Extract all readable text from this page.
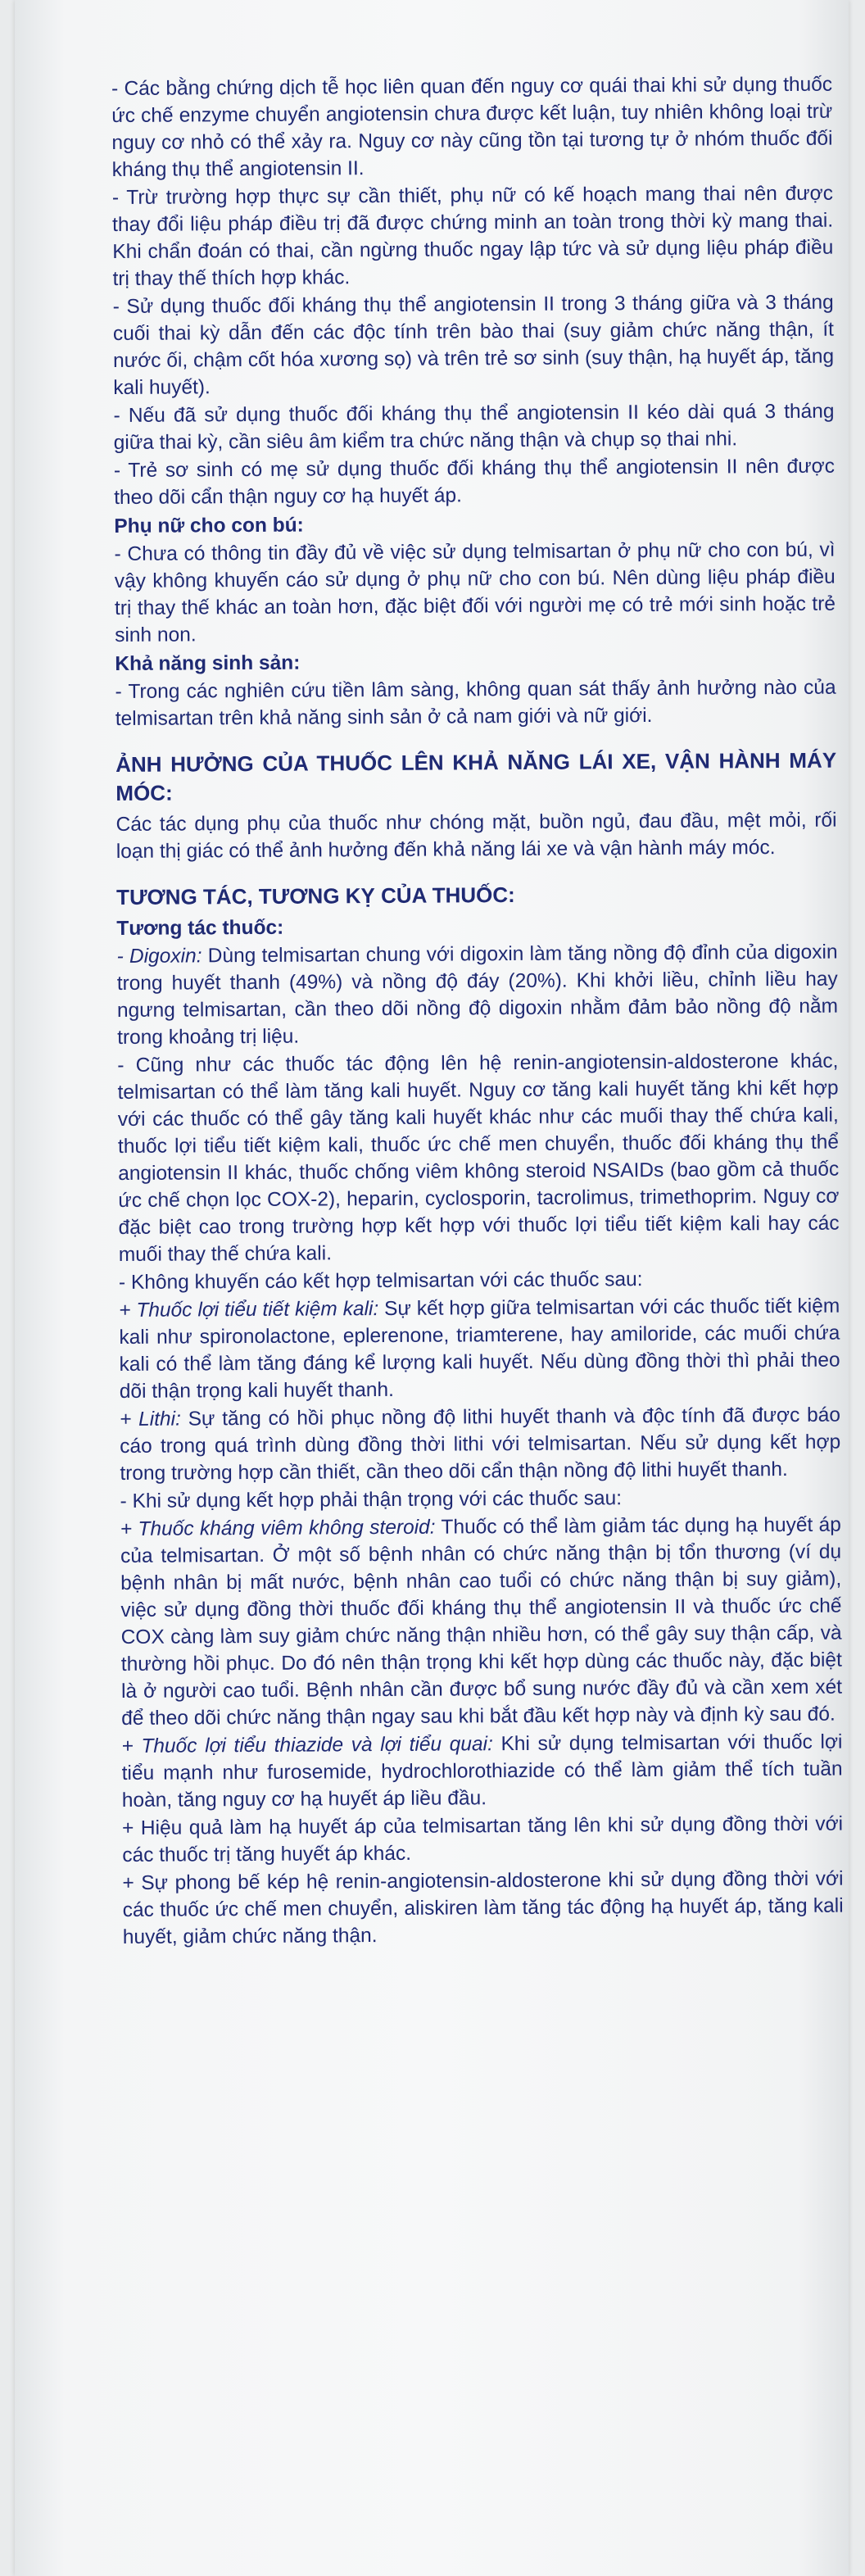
- Các bằng chứng dịch tễ học liên quan đến nguy cơ quái thai khi sử dụng thuốc ức chế enzyme chuyển angiotensin chưa được kết luận, tuy nhiên không loại trừ nguy cơ nhỏ có thể xảy ra. Nguy cơ này cũng tồn tại tương tự ở nhóm thuốc đối kháng thụ thể angiotensin II.

- Trừ trường hợp thực sự cần thiết, phụ nữ có kế hoạch mang thai nên được thay đổi liệu pháp điều trị đã được chứng minh an toàn trong thời kỳ mang thai. Khi chẩn đoán có thai, cần ngừng thuốc ngay lập tức và sử dụng liệu pháp điều trị thay thế thích hợp khác.

- Sử dụng thuốc đối kháng thụ thể angiotensin II trong 3 tháng giữa và 3 tháng cuối thai kỳ dẫn đến các độc tính trên bào thai (suy giảm chức năng thận, ít nước ối, chậm cốt hóa xương sọ) và trên trẻ sơ sinh (suy thận, hạ huyết áp, tăng kali huyết).

- Nếu đã sử dụng thuốc đối kháng thụ thể angiotensin II kéo dài quá 3 tháng giữa thai kỳ, cần siêu âm kiểm tra chức năng thận và chụp sọ thai nhi.

- Trẻ sơ sinh có mẹ sử dụng thuốc đối kháng thụ thể angiotensin II nên được theo dõi cẩn thận nguy cơ hạ huyết áp.

Phụ nữ cho con bú:

- Chưa có thông tin đầy đủ về việc sử dụng telmisartan ở phụ nữ cho con bú, vì vậy không khuyến cáo sử dụng ở phụ nữ cho con bú. Nên dùng liệu pháp điều trị thay thế khác an toàn hơn, đặc biệt đối với người mẹ có trẻ mới sinh hoặc trẻ sinh non.

Khả năng sinh sản:

- Trong các nghiên cứu tiền lâm sàng, không quan sát thấy ảnh hưởng nào của telmisartan trên khả năng sinh sản ở cả nam giới và nữ giới.

ẢNH HƯỞNG CỦA THUỐC LÊN KHẢ NĂNG LÁI XE, VẬN HÀNH MÁY MÓC:

Các tác dụng phụ của thuốc như chóng mặt, buồn ngủ, đau đầu, mệt mỏi, rối loạn thị giác có thể ảnh hưởng đến khả năng lái xe và vận hành máy móc.

TƯƠNG TÁC, TƯƠNG KỴ CỦA THUỐC:

Tương tác thuốc:

- Digoxin: Dùng telmisartan chung với digoxin làm tăng nồng độ đỉnh của digoxin trong huyết thanh (49%) và nồng độ đáy (20%). Khi khởi liều, chỉnh liều hay ngưng telmisartan, cần theo dõi nồng độ digoxin nhằm đảm bảo nồng độ nằm trong khoảng trị liệu.

- Cũng như các thuốc tác động lên hệ renin-angiotensin-aldosterone khác, telmisartan có thể làm tăng kali huyết. Nguy cơ tăng kali huyết tăng khi kết hợp với các thuốc có thể gây tăng kali huyết khác như các muối thay thế chứa kali, thuốc lợi tiểu tiết kiệm kali, thuốc ức chế men chuyển, thuốc đối kháng thụ thể angiotensin II khác, thuốc chống viêm không steroid NSAIDs (bao gồm cả thuốc ức chế chọn lọc COX-2), heparin, cyclosporin, tacrolimus, trimethoprim. Nguy cơ đặc biệt cao trong trường hợp kết hợp với thuốc lợi tiểu tiết kiệm kali hay các muối thay thế chứa kali.

- Không khuyến cáo kết hợp telmisartan với các thuốc sau:

+ Thuốc lợi tiểu tiết kiệm kali: Sự kết hợp giữa telmisartan với các thuốc tiết kiệm kali như spironolactone, eplerenone, triamterene, hay amiloride, các muối chứa kali có thể làm tăng đáng kể lượng kali huyết. Nếu dùng đồng thời thì phải theo dõi thận trọng kali huyết thanh.

+ Lithi: Sự tăng có hồi phục nồng độ lithi huyết thanh và độc tính đã được báo cáo trong quá trình dùng đồng thời lithi với telmisartan. Nếu sử dụng kết hợp trong trường hợp cần thiết, cần theo dõi cẩn thận nồng độ lithi huyết thanh.

- Khi sử dụng kết hợp phải thận trọng với các thuốc sau:

+ Thuốc kháng viêm không steroid: Thuốc có thể làm giảm tác dụng hạ huyết áp của telmisartan. Ở một số bệnh nhân có chức năng thận bị tổn thương (ví dụ bệnh nhân bị mất nước, bệnh nhân cao tuổi có chức năng thận bị suy giảm), việc sử dụng đồng thời thuốc đối kháng thụ thể angiotensin II và thuốc ức chế COX càng làm suy giảm chức năng thận nhiều hơn, có thể gây suy thận cấp, và thường hồi phục. Do đó nên thận trọng khi kết hợp dùng các thuốc này, đặc biệt là ở người cao tuổi. Bệnh nhân cần được bổ sung nước đầy đủ và cần xem xét để theo dõi chức năng thận ngay sau khi bắt đầu kết hợp này và định kỳ sau đó.

+ Thuốc lợi tiểu thiazide và lợi tiểu quai: Khi sử dụng telmisartan với thuốc lợi tiểu mạnh như furosemide, hydrochlorothiazide có thể làm giảm thể tích tuần hoàn, tăng nguy cơ hạ huyết áp liều đầu.

+ Hiệu quả làm hạ huyết áp của telmisartan tăng lên khi sử dụng đồng thời với các thuốc trị tăng huyết áp khác.

+ Sự phong bế kép hệ renin-angiotensin-aldosterone khi sử dụng đồng thời với các thuốc ức chế men chuyển, aliskiren làm tăng tác động hạ huyết áp, tăng kali huyết, giảm chức năng thận.
